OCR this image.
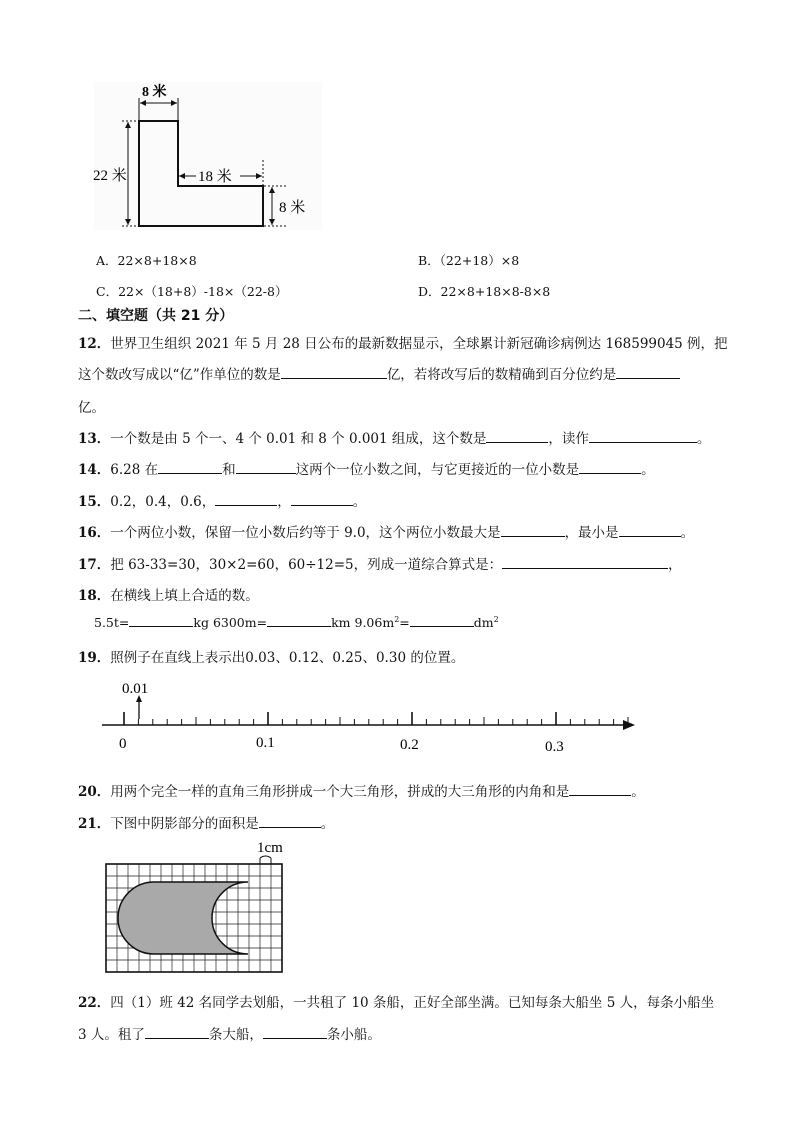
8 米
22 米	18 米
8 米
A．22×8+18×8	B．（22+18）×8
C．22×（18+8）-18×（22-8）	D．22×8+18×8-8×8
二、填空题（共 21 分）
12．世界卫生组织 2021 年 5 月 28 日公布的最新数据显示，全球累计新冠确诊病例达 168599045 例，把
这个数改写成以“亿”作单位的数是	亿，若将改写后的数精确到百分位约是
亿。
13．一个数是由 5 个一、4 个 0.01 和 8 个 0.001 组成，这个数是	，读作	。
14．6.28 在	和	这两个一位小数之间，与它更接近的一位小数是	。
15．0.2，0.4，0.6，	，	。
16．一个两位小数，保留一位小数后约等于 9.0，这个两位小数最大是	，最小是	。
17．把 63-33=30，30×2=60，60÷12=5，列成一道综合算式是：	，
18．在横线上填上合适的数。
5.5t=	kg 6300m=	km $9.06m^2=$	$dm^2$
19．照例子在直线上表示出0.03、0.12、0.25、0.30 的位置。
0.01
0	0.1	0.2	0.3
20．用两个完全一样的直角三角形拼成一个大三角形，拼成的大三角形的内角和是	。
21．下图中阴影部分的面积是	。
1cm
22．四（1）班 42 名同学去划船，一共租了 10 条船，正好全部坐满。已知每条大船坐 5 人，每条小船坐
3 人。租了	条大船，	条小船。
